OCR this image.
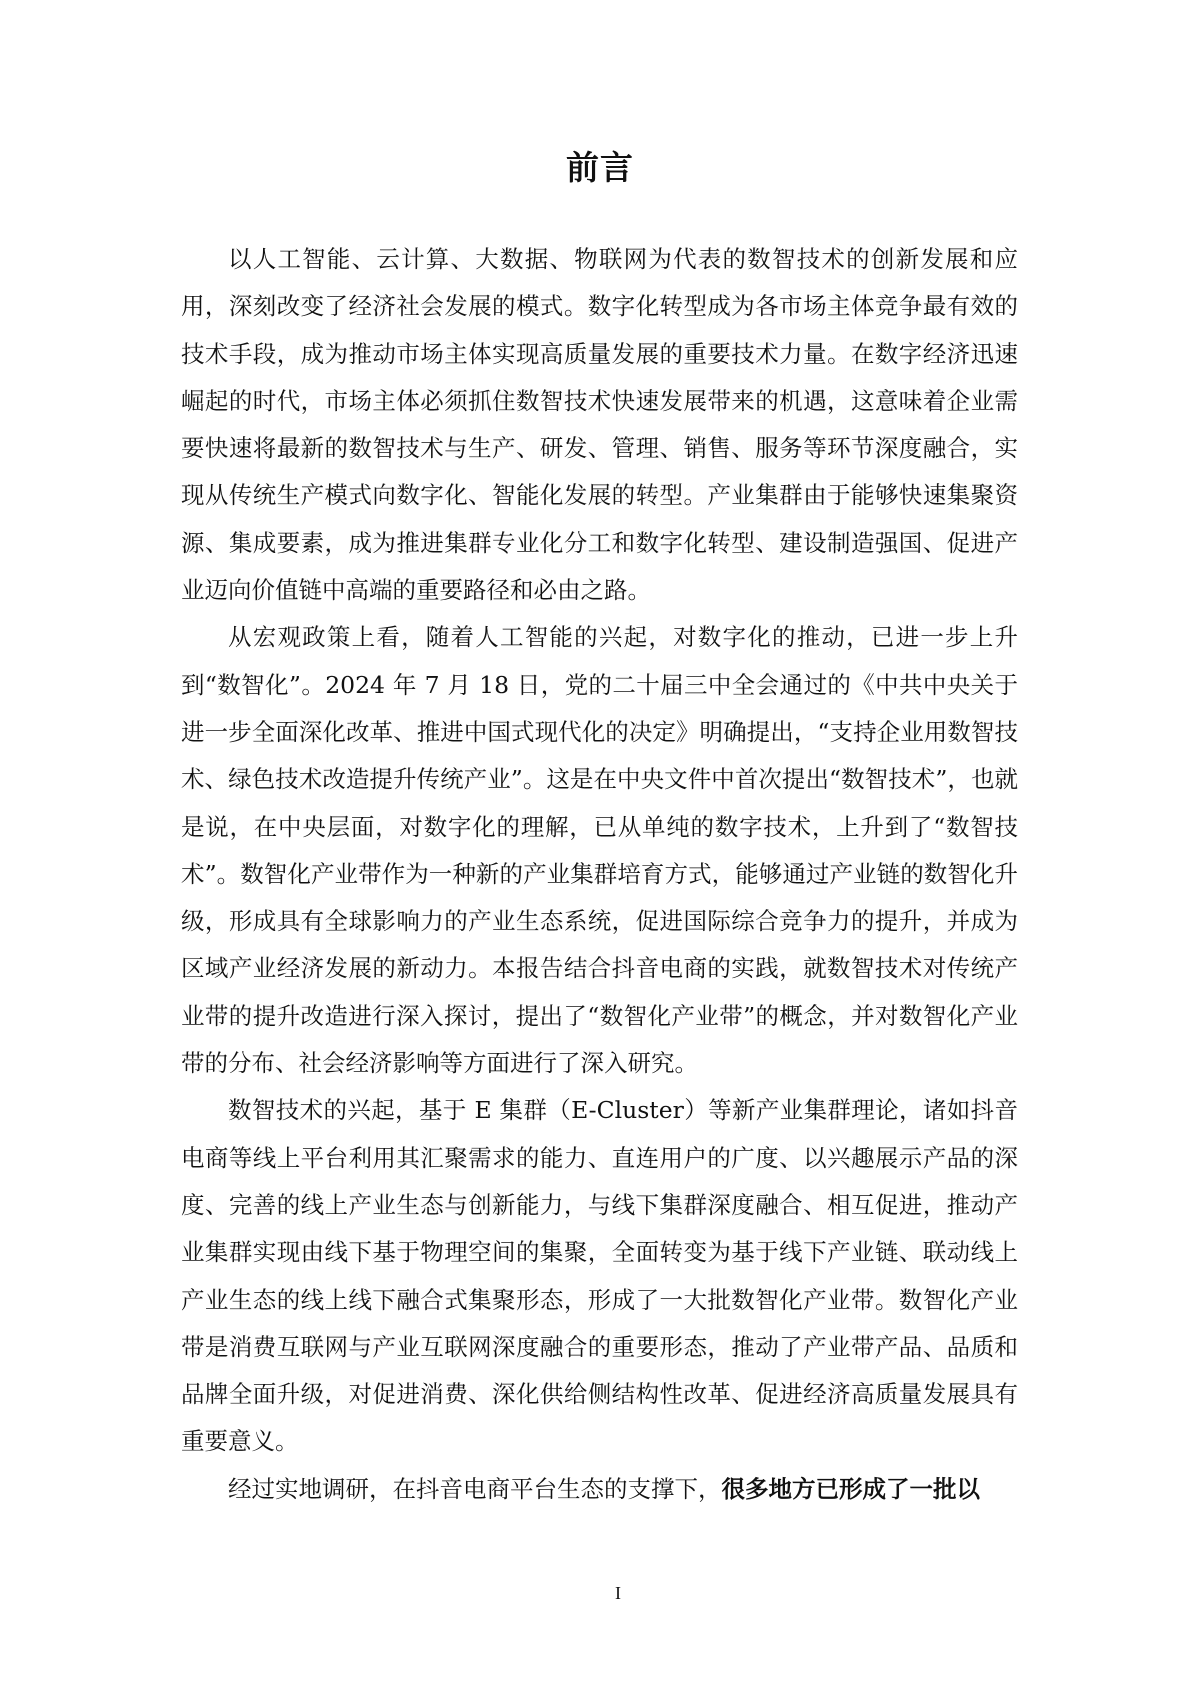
前言

以人工智能、云计算、大数据、物联网为代表的数智技术的创新发展和应用，深刻改变了经济社会发展的模式。数字化转型成为各市场主体竞争最有效的技术手段，成为推动市场主体实现高质量发展的重要技术力量。在数字经济迅速崛起的时代，市场主体必须抓住数智技术快速发展带来的机遇，这意味着企业需要快速将最新的数智技术与生产、研发、管理、销售、服务等环节深度融合，实现从传统生产模式向数字化、智能化发展的转型。产业集群由于能够快速集聚资源、集成要素，成为推进集群专业化分工和数字化转型、建设制造强国、促进产业迈向价值链中高端的重要路径和必由之路。

从宏观政策上看，随着人工智能的兴起，对数字化的推动，已进一步上升到“数智化”。2024 年 7 月 18 日，党的二十届三中全会通过的《中共中央关于进一步全面深化改革、推进中国式现代化的决定》明确提出，“支持企业用数智技术、绿色技术改造提升传统产业”。这是在中央文件中首次提出“数智技术”，也就是说，在中央层面，对数字化的理解，已从单纯的数字技术，上升到了“数智技术”。数智化产业带作为一种新的产业集群培育方式，能够通过产业链的数智化升级，形成具有全球影响力的产业生态系统，促进国际综合竞争力的提升，并成为区域产业经济发展的新动力。本报告结合抖音电商的实践，就数智技术对传统产业带的提升改造进行深入探讨，提出了“数智化产业带”的概念，并对数智化产业带的分布、社会经济影响等方面进行了深入研究。

数智技术的兴起，基于 E 集群（E-Cluster）等新产业集群理论，诸如抖音电商等线上平台利用其汇聚需求的能力、直连用户的广度、以兴趣展示产品的深度、完善的线上产业生态与创新能力，与线下集群深度融合、相互促进，推动产业集群实现由线下基于物理空间的集聚，全面转变为基于线下产业链、联动线上产业生态的线上线下融合式集聚形态，形成了一大批数智化产业带。数智化产业带是消费互联网与产业互联网深度融合的重要形态，推动了产业带产品、品质和品牌全面升级，对促进消费、深化供给侧结构性改革、促进经济高质量发展具有重要意义。

经过实地调研，在抖音电商平台生态的支撑下，很多地方已形成了一批以

I
